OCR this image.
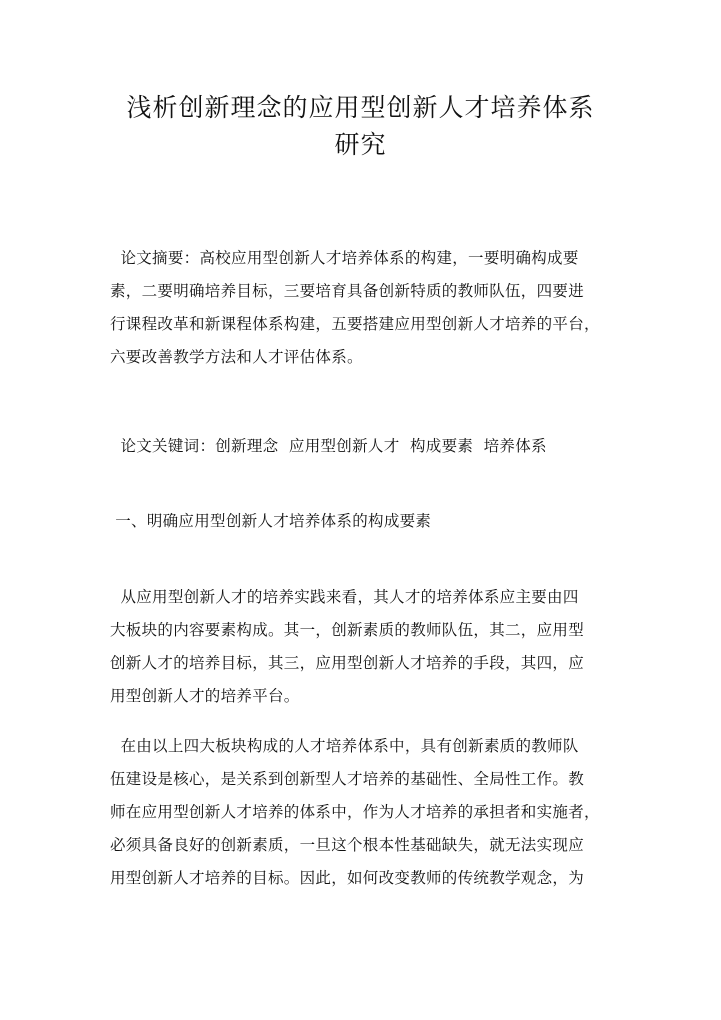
浅析创新理念的应用型创新人才培养体系
研究
论文摘要：高校应用型创新人才培养体系的构建，一要明确构成要
素，二要明确培养目标，三要培育具备创新特质的教师队伍，四要进
行课程改革和新课程体系构建，五要搭建应用型创新人才培养的平台，
六要改善教学方法和人才评估体系。
论文关键词：创新理念  应用型创新人才  构成要素  培养体系
一、明确应用型创新人才培养体系的构成要素
从应用型创新人才的培养实践来看，其人才的培养体系应主要由四
大板块的内容要素构成。其一，创新素质的教师队伍，其二，应用型
创新人才的培养目标，其三，应用型创新人才培养的手段，其四，应
用型创新人才的培养平台。
在由以上四大板块构成的人才培养体系中，具有创新素质的教师队
伍建设是核心，是关系到创新型人才培养的基础性、全局性工作。教
师在应用型创新人才培养的体系中，作为人才培养的承担者和实施者，
必须具备良好的创新素质，一旦这个根本性基础缺失，就无法实现应
用型创新人才培养的目标。因此，如何改变教师的传统教学观念，为
